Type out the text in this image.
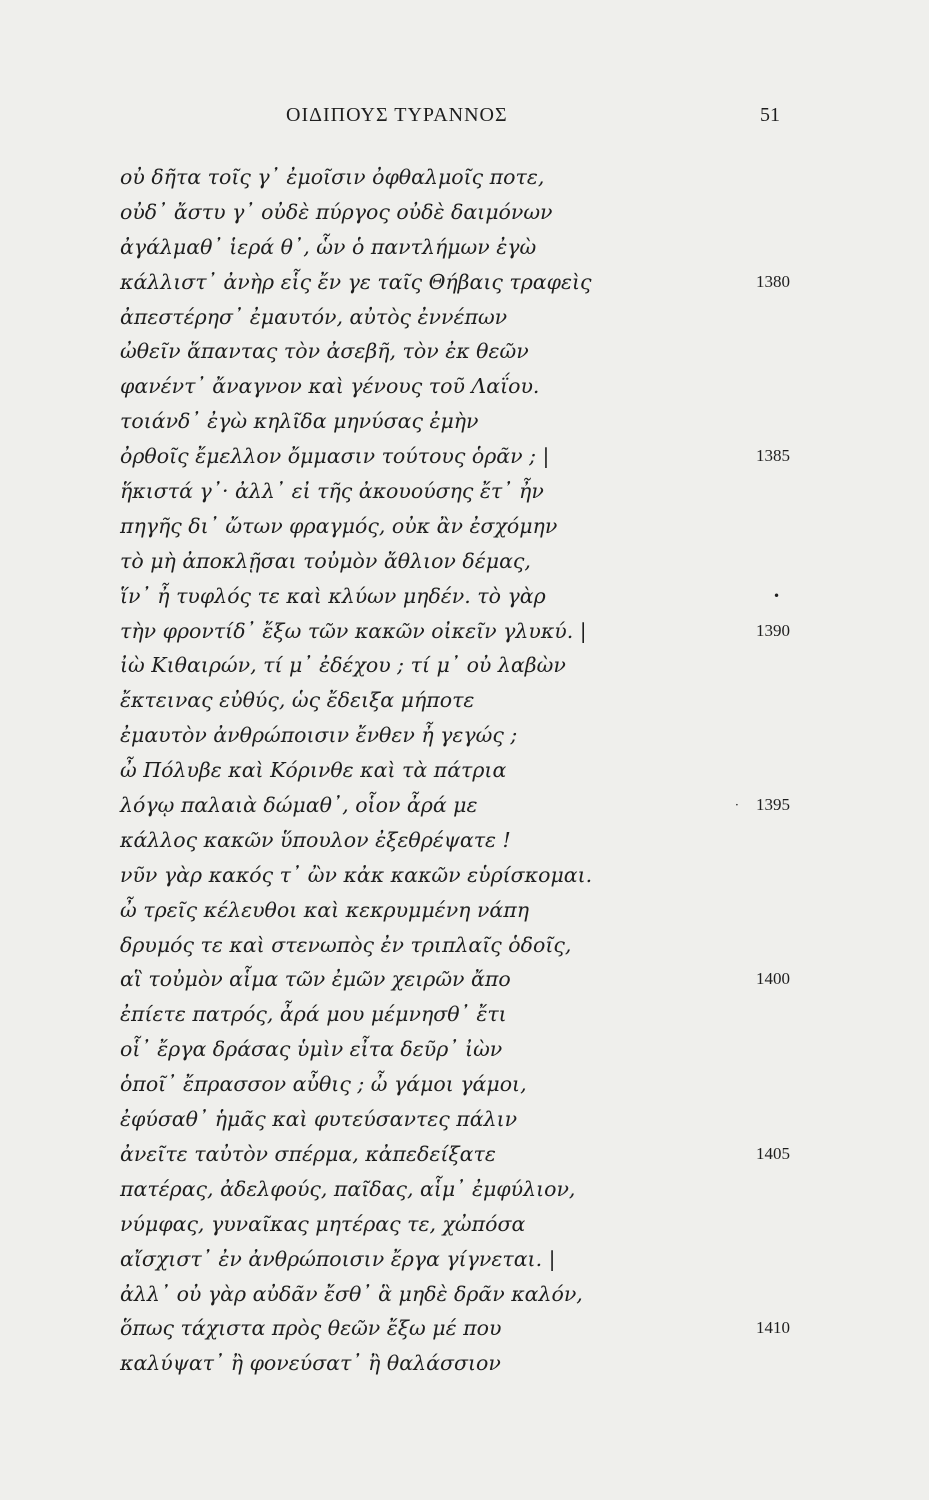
ΟΙΔΙΠΟΥΣ ΤΥΡΑΝΝΟΣ	51
οὐ δῆτα τοῖς γ᾽ ἐμοῖσιν ὀφθαλμοῖς ποτε,
οὐδ᾽ ἄστυ γ᾽ οὐδὲ πύργος οὐδὲ δαιμόνων
ἀγάλμαθ᾽ ἱερά θ᾽, ὧν ὁ παντλήμων ἐγὼ
κάλλιστ᾽ ἀνὴρ εἷς ἔν γε ταῖς Θήβαις τραφεὶς	1380
ἀπεστέρησ᾽ ἐμαυτόν, αὐτὸς ἐννέπων
ὠθεῖν ἅπαντας τὸν ἀσεβῆ, τὸν ἐκ θεῶν
φανέντ᾽ ἄναγνον καὶ γένους τοῦ Λαΐου.
τοιάνδ᾽ ἐγὼ κηλῖδα μηνύσας ἐμὴν
ὀρθοῖς ἔμελλον ὄμμασιν τούτους ὁρᾶν ; |	1385
ἥκιστά γ᾽· ἀλλ᾽ εἰ τῆς ἀκουούσης ἔτ᾽ ἦν
πηγῆς δι᾽ ὤτων φραγμός, οὐκ ἂν ἐσχόμην
τὸ μὴ ἀποκλῇσαι τοὐμὸν ἄθλιον δέμας,
ἵν᾽ ἦ τυφλός τε καὶ κλύων μηδέν. τὸ γὰρ	•
τὴν φροντίδ᾽ ἔξω τῶν κακῶν οἰκεῖν γλυκύ. |	1390
ἰὼ Κιθαιρών, τί μ᾽ ἐδέχου ; τί μ᾽ οὐ λαβὼν
ἔκτεινας εὐθύς, ὡς ἔδειξα μήποτε
ἐμαυτὸν ἀνθρώποισιν ἔνθεν ἦ γεγώς ;
ὦ Πόλυβε καὶ Κόρινθε καὶ τὰ πάτρια
λόγῳ παλαιὰ δώμαθ᾽, οἷον ἆρά με	1395
·
κάλλος κακῶν ὕπουλον ἐξεθρέψατε !
νῦν γὰρ κακός τ᾽ ὢν κἀκ κακῶν εὑρίσκομαι.
ὦ τρεῖς κέλευθοι καὶ κεκρυμμένη νάπη
δρυμός τε καὶ στενωπὸς ἐν τριπλαῖς ὁδοῖς,
αἳ τοὐμὸν αἷμα τῶν ἐμῶν χειρῶν ἄπο	1400
ἐπίετε πατρός, ἆρά μου μέμνησθ᾽ ἔτι
οἷ᾽ ἔργα δράσας ὑμὶν εἶτα δεῦρ᾽ ἰὼν
ὁποῖ᾽ ἔπρασσον αὖθις ; ὦ γάμοι γάμοι,
ἐφύσαθ᾽ ἡμᾶς καὶ φυτεύσαντες πάλιν
ἀνεῖτε ταὐτὸν σπέρμα, κἀπεδείξατε	1405
πατέρας, ἀδελφούς, παῖδας, αἷμ᾽ ἐμφύλιον,
νύμφας, γυναῖκας μητέρας τε, χὠπόσα
αἴσχιστ᾽ ἐν ἀνθρώποισιν ἔργα γίγνεται. |
ἀλλ᾽ οὐ γὰρ αὐδᾶν ἔσθ᾽ ἃ μηδὲ δρᾶν καλόν,
ὅπως τάχιστα πρὸς θεῶν ἔξω μέ που	1410
καλύψατ᾽ ἢ φονεύσατ᾽ ἢ θαλάσσιον
